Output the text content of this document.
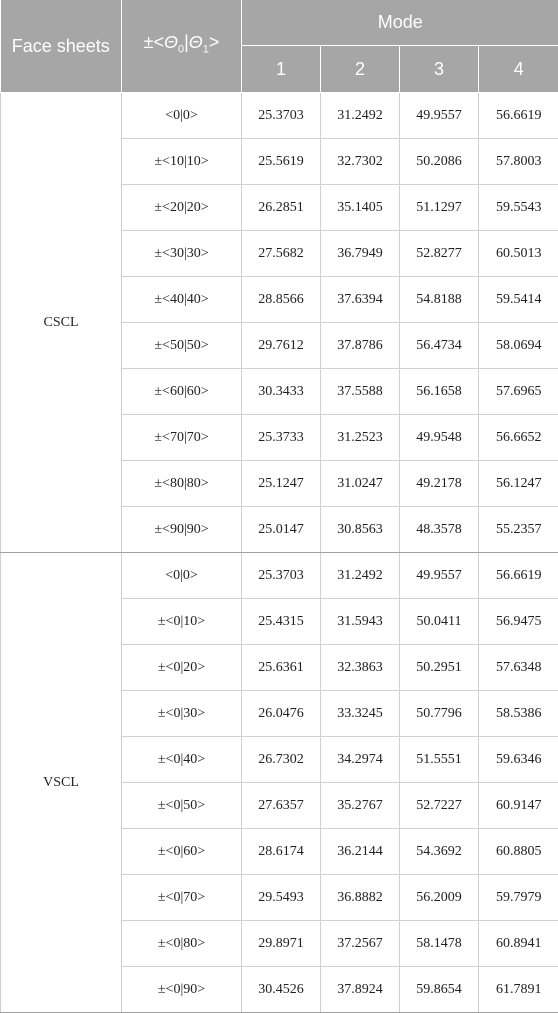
Face sheets	$\pm<\Theta_0|\Theta_1>$	Mode			
		1	2	3	4
CSCL	<0|0>	25.3703	31.2492	49.9557	56.6619
	±<10|10>	25.5619	32.7302	50.2086	57.8003
	±<20|20>	26.2851	35.1405	51.1297	59.5543
	±<30|30>	27.5682	36.7949	52.8277	60.5013
	±<40|40>	28.8566	37.6394	54.8188	59.5414
	±<50|50>	29.7612	37.8786	56.4734	58.0694
	±<60|60>	30.3433	37.5588	56.1658	57.6965
	±<70|70>	25.3733	31.2523	49.9548	56.6652
	±<80|80>	25.1247	31.0247	49.2178	56.1247
	±<90|90>	25.0147	30.8563	48.3578	55.2357
VSCL	<0|0>	25.3703	31.2492	49.9557	56.6619
	±<0|10>	25.4315	31.5943	50.0411	56.9475
	±<0|20>	25.6361	32.3863	50.2951	57.6348
	±<0|30>	26.0476	33.3245	50.7796	58.5386
	±<0|40>	26.7302	34.2974	51.5551	59.6346
	±<0|50>	27.6357	35.2767	52.7227	60.9147
	±<0|60>	28.6174	36.2144	54.3692	60.8805
	±<0|70>	29.5493	36.8882	56.2009	59.7979
	±<0|80>	29.8971	37.2567	58.1478	60.8941
	±<0|90>	30.4526	37.8924	59.8654	61.7891
